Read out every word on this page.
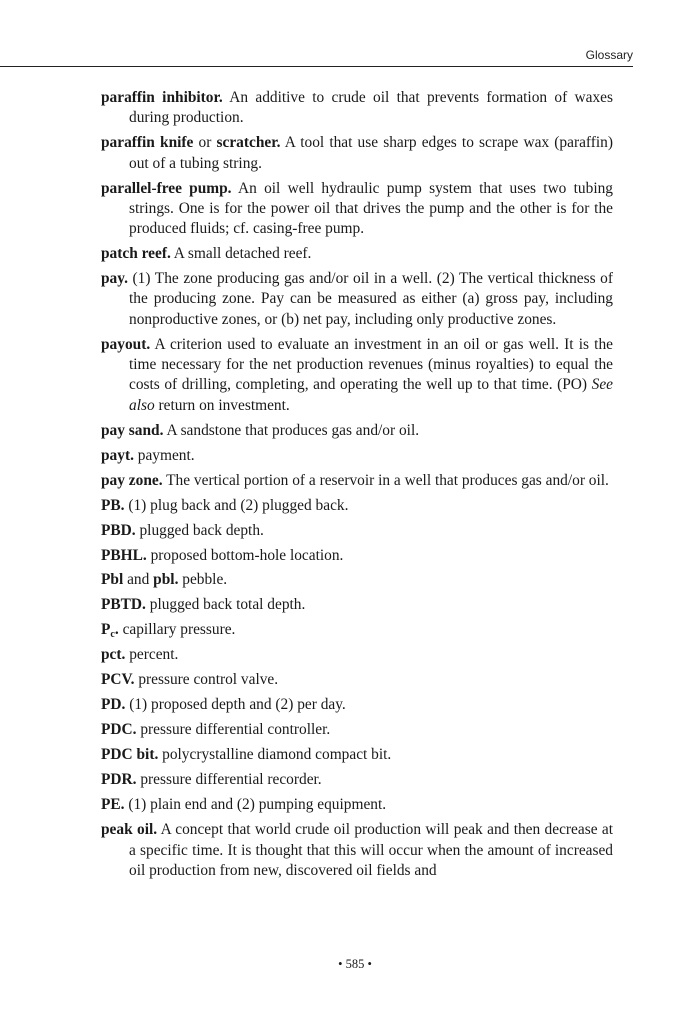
Glossary

paraffin inhibitor. An additive to crude oil that prevents formation of waxes during production.

paraffin knife or scratcher. A tool that use sharp edges to scrape wax (paraffin) out of a tubing string.

parallel-free pump. An oil well hydraulic pump system that uses two tubing strings. One is for the power oil that drives the pump and the other is for the produced fluids; cf. casing-free pump.

patch reef. A small detached reef.

pay. (1) The zone producing gas and/or oil in a well. (2) The vertical thickness of the producing zone. Pay can be measured as either (a) gross pay, including nonproductive zones, or (b) net pay, including only productive zones.

payout. A criterion used to evaluate an investment in an oil or gas well. It is the time necessary for the net production revenues (minus royalties) to equal the costs of drilling, completing, and operating the well up to that time. (PO) See also return on investment.

pay sand. A sandstone that produces gas and/or oil.

payt. payment.

pay zone. The vertical portion of a reservoir in a well that produces gas and/or oil.

PB. (1) plug back and (2) plugged back.

PBD. plugged back depth.

PBHL. proposed bottom-hole location.

Pbl and pbl. pebble.

PBTD. plugged back total depth.

$P_c$. capillary pressure.

pct. percent.

PCV. pressure control valve.

PD. (1) proposed depth and (2) per day.

PDC. pressure differential controller.

PDC bit. polycrystalline diamond compact bit.

PDR. pressure differential recorder.

PE. (1) plain end and (2) pumping equipment.

peak oil. A concept that world crude oil production will peak and then decrease at a specific time. It is thought that this will occur when the amount of increased oil production from new, discovered oil fields and

• 585 •
